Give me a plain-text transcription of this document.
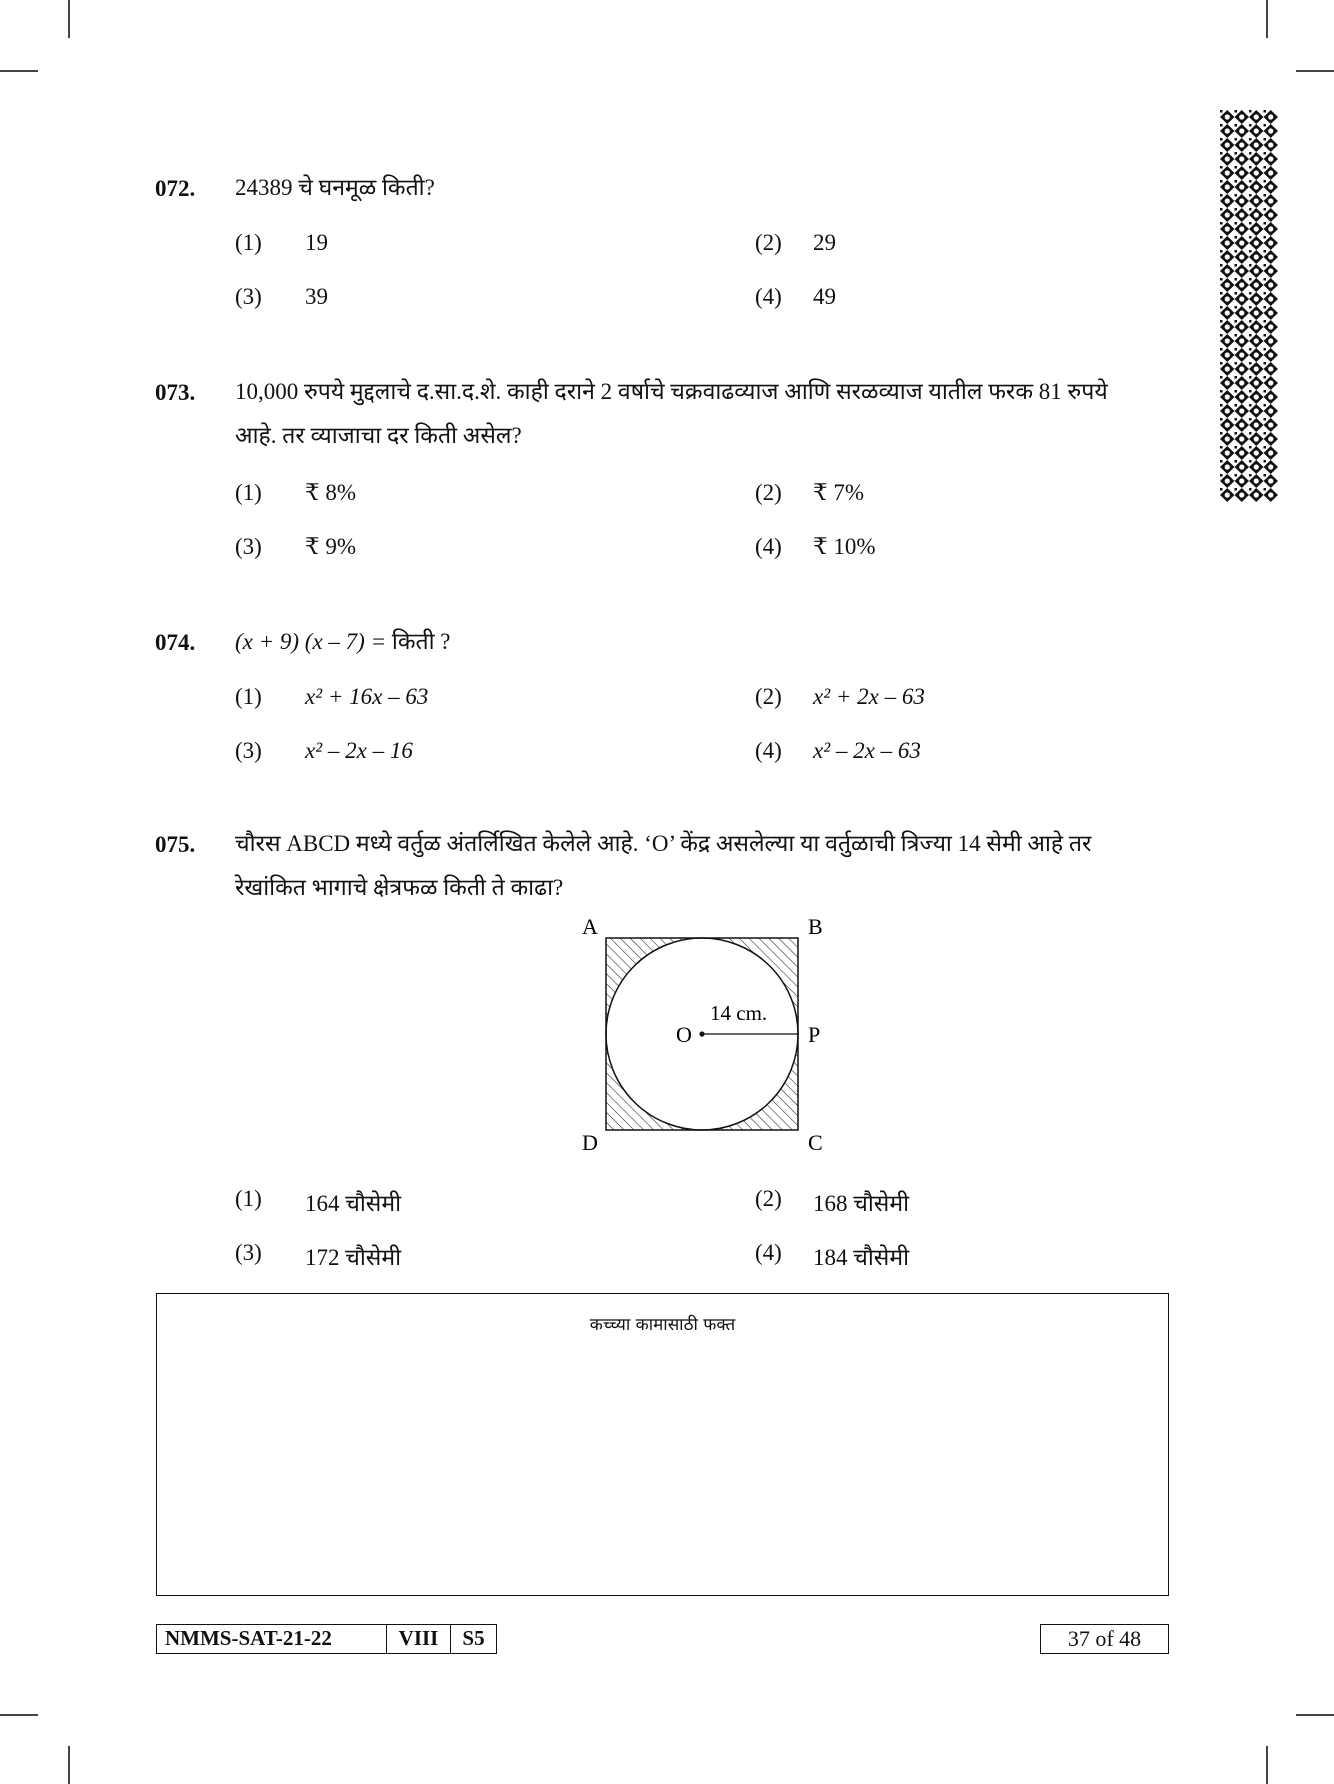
072. 24389 चे घनमूळ किती?
(1) 19	(2) 29
(3) 39	(4) 49
073. 10,000 रुपये मुद्दलाचे द.सा.द.शे. काही दराने 2 वर्षाचे चक्रवाढव्याज आणि सरळव्याज यातील फरक 81 रुपये
आहे. तर व्याजाचा दर किती असेल?
(1) ₹ 8%	(2) ₹ 7%
(3) ₹ 9%	(4) ₹ 10%
074. (x + 9) (x – 7) = किती ?
(1) x² + 16x – 63	(2) x² + 2x – 63
(3) x² – 2x – 16	(4) x² – 2x – 63
075. चौरस ABCD मध्ये वर्तुळ अंतर्लिखित केलेले आहे. ‘O’ केंद्र असलेल्या या वर्तुळाची त्रिज्या 14 सेमी आहे तर
रेखांकित भागाचे क्षेत्रफळ किती ते काढा?
(1) 164 चौसेमी	(2) 168 चौसेमी
(3) 172 चौसेमी	(4) 184 चौसेमी
A	B
C
D
O	P
14 cm.
कच्च्या कामासाठी फक्त
NMMS-SAT-21-22	VIII	S5	37 of 48
